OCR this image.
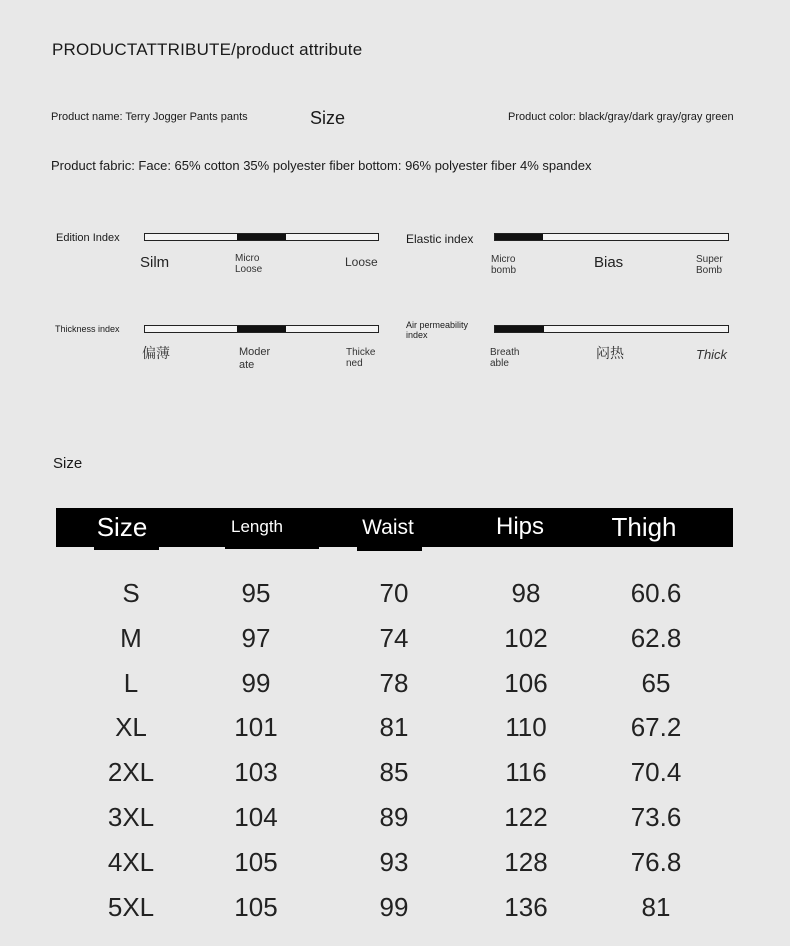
PRODUCTATTRIBUTE/product attribute
Product name: Terry Jogger Pants pants	Size	Product color: black/gray/dark gray/gray green
Product fabric: Face: 65% cotton 35% polyester fiber bottom: 96% polyester fiber 4% spandex
Edition Index
Silm	Micro
Loose
Loose
Elastic index
Micro
bomb	Bias	Super
Bomb
Thickness index
偏薄	Moder
ate
Thicke
ned
Air permeability
index
Breath
able
闷热	Thick
Size
Size	Length	Waist	Hips	Thigh
S	95	70	98	60.6
M	97	74	102	62.8
L	99	78	106	65
XL	101	81	110	67.2
2XL	103	85	116	70.4
3XL	104	89	122	73.6
4XL	105	93	128	76.8
5XL	105	99	136	81
